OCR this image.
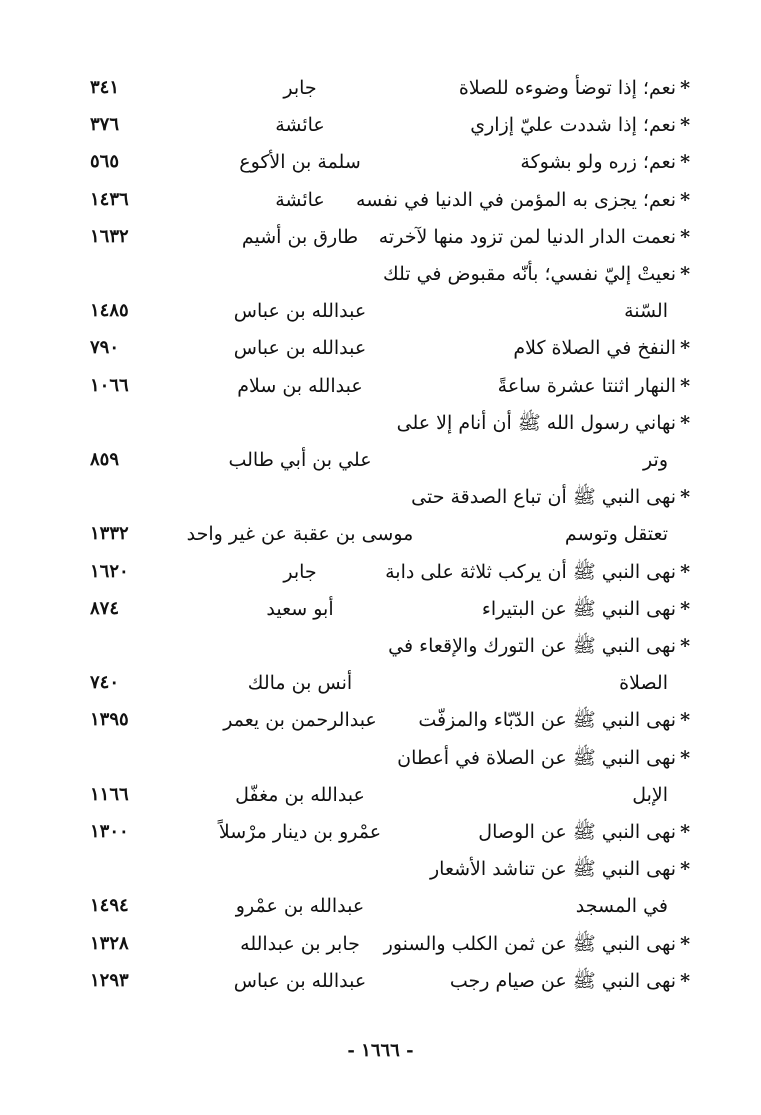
*نعم؛ إذا توضأ وضوءه للصلاة
جابر
٣٤١
*نعم؛ إذا شددت عليّ إزاري
عائشة
٣٧٦
*نعم؛ زره ولو بشوكة
سلمة بن الأكوع
٥٦٥
*نعم؛ يجزى به المؤمن في الدنيا في نفسه
عائشة
١٤٣٦
*نعمت الدار الدنيا لمن تزود منها لآخرته
طارق بن أشيم
١٦٣٢
*نعيتْ إليّ نفسي؛ بأنّه مقبوض في تلك
السّنة
عبدالله بن عباس
١٤٨٥
*النفخ في الصلاة كلام
عبدالله بن عباس
٧٩٠
*النهار اثنتا عشرة ساعةً
عبدالله بن سلام
١٠٦٦
*نهاني رسول الله ﷺ أن أنام إلا على
وتر
علي بن أبي طالب
٨٥٩
*نهى النبي ﷺ أن تباع الصدقة حتى
تعتقل وتوسم
موسى بن عقبة عن غير واحد
١٣٣٢
*نهى النبي ﷺ أن يركب ثلاثة على دابة
جابر
١٦٢٠
*نهى النبي ﷺ عن البتيراء
أبو سعيد
٨٧٤
*نهى النبي ﷺ عن التورك والإقعاء في
الصلاة
أنس بن مالك
٧٤٠
*نهى النبي ﷺ عن الدّبّاء والمزفّت
عبدالرحمن بن يعمر
١٣٩٥
*نهى النبي ﷺ عن الصلاة في أعطان
الإبل
عبدالله بن مغفّل
١١٦٦
*نهى النبي ﷺ عن الوصال
عمْرو بن دينار مرْسلاً
١٣٠٠
*نهى النبي ﷺ عن تناشد الأشعار
في المسجد
عبدالله بن عمْرو
١٤٩٤
*نهى النبي ﷺ عن ثمن الكلب والسنور
جابر بن عبدالله
١٣٢٨
*نهى النبي ﷺ عن صيام رجب
عبدالله بن عباس
١٢٩٣
- ١٦٦٦ -
